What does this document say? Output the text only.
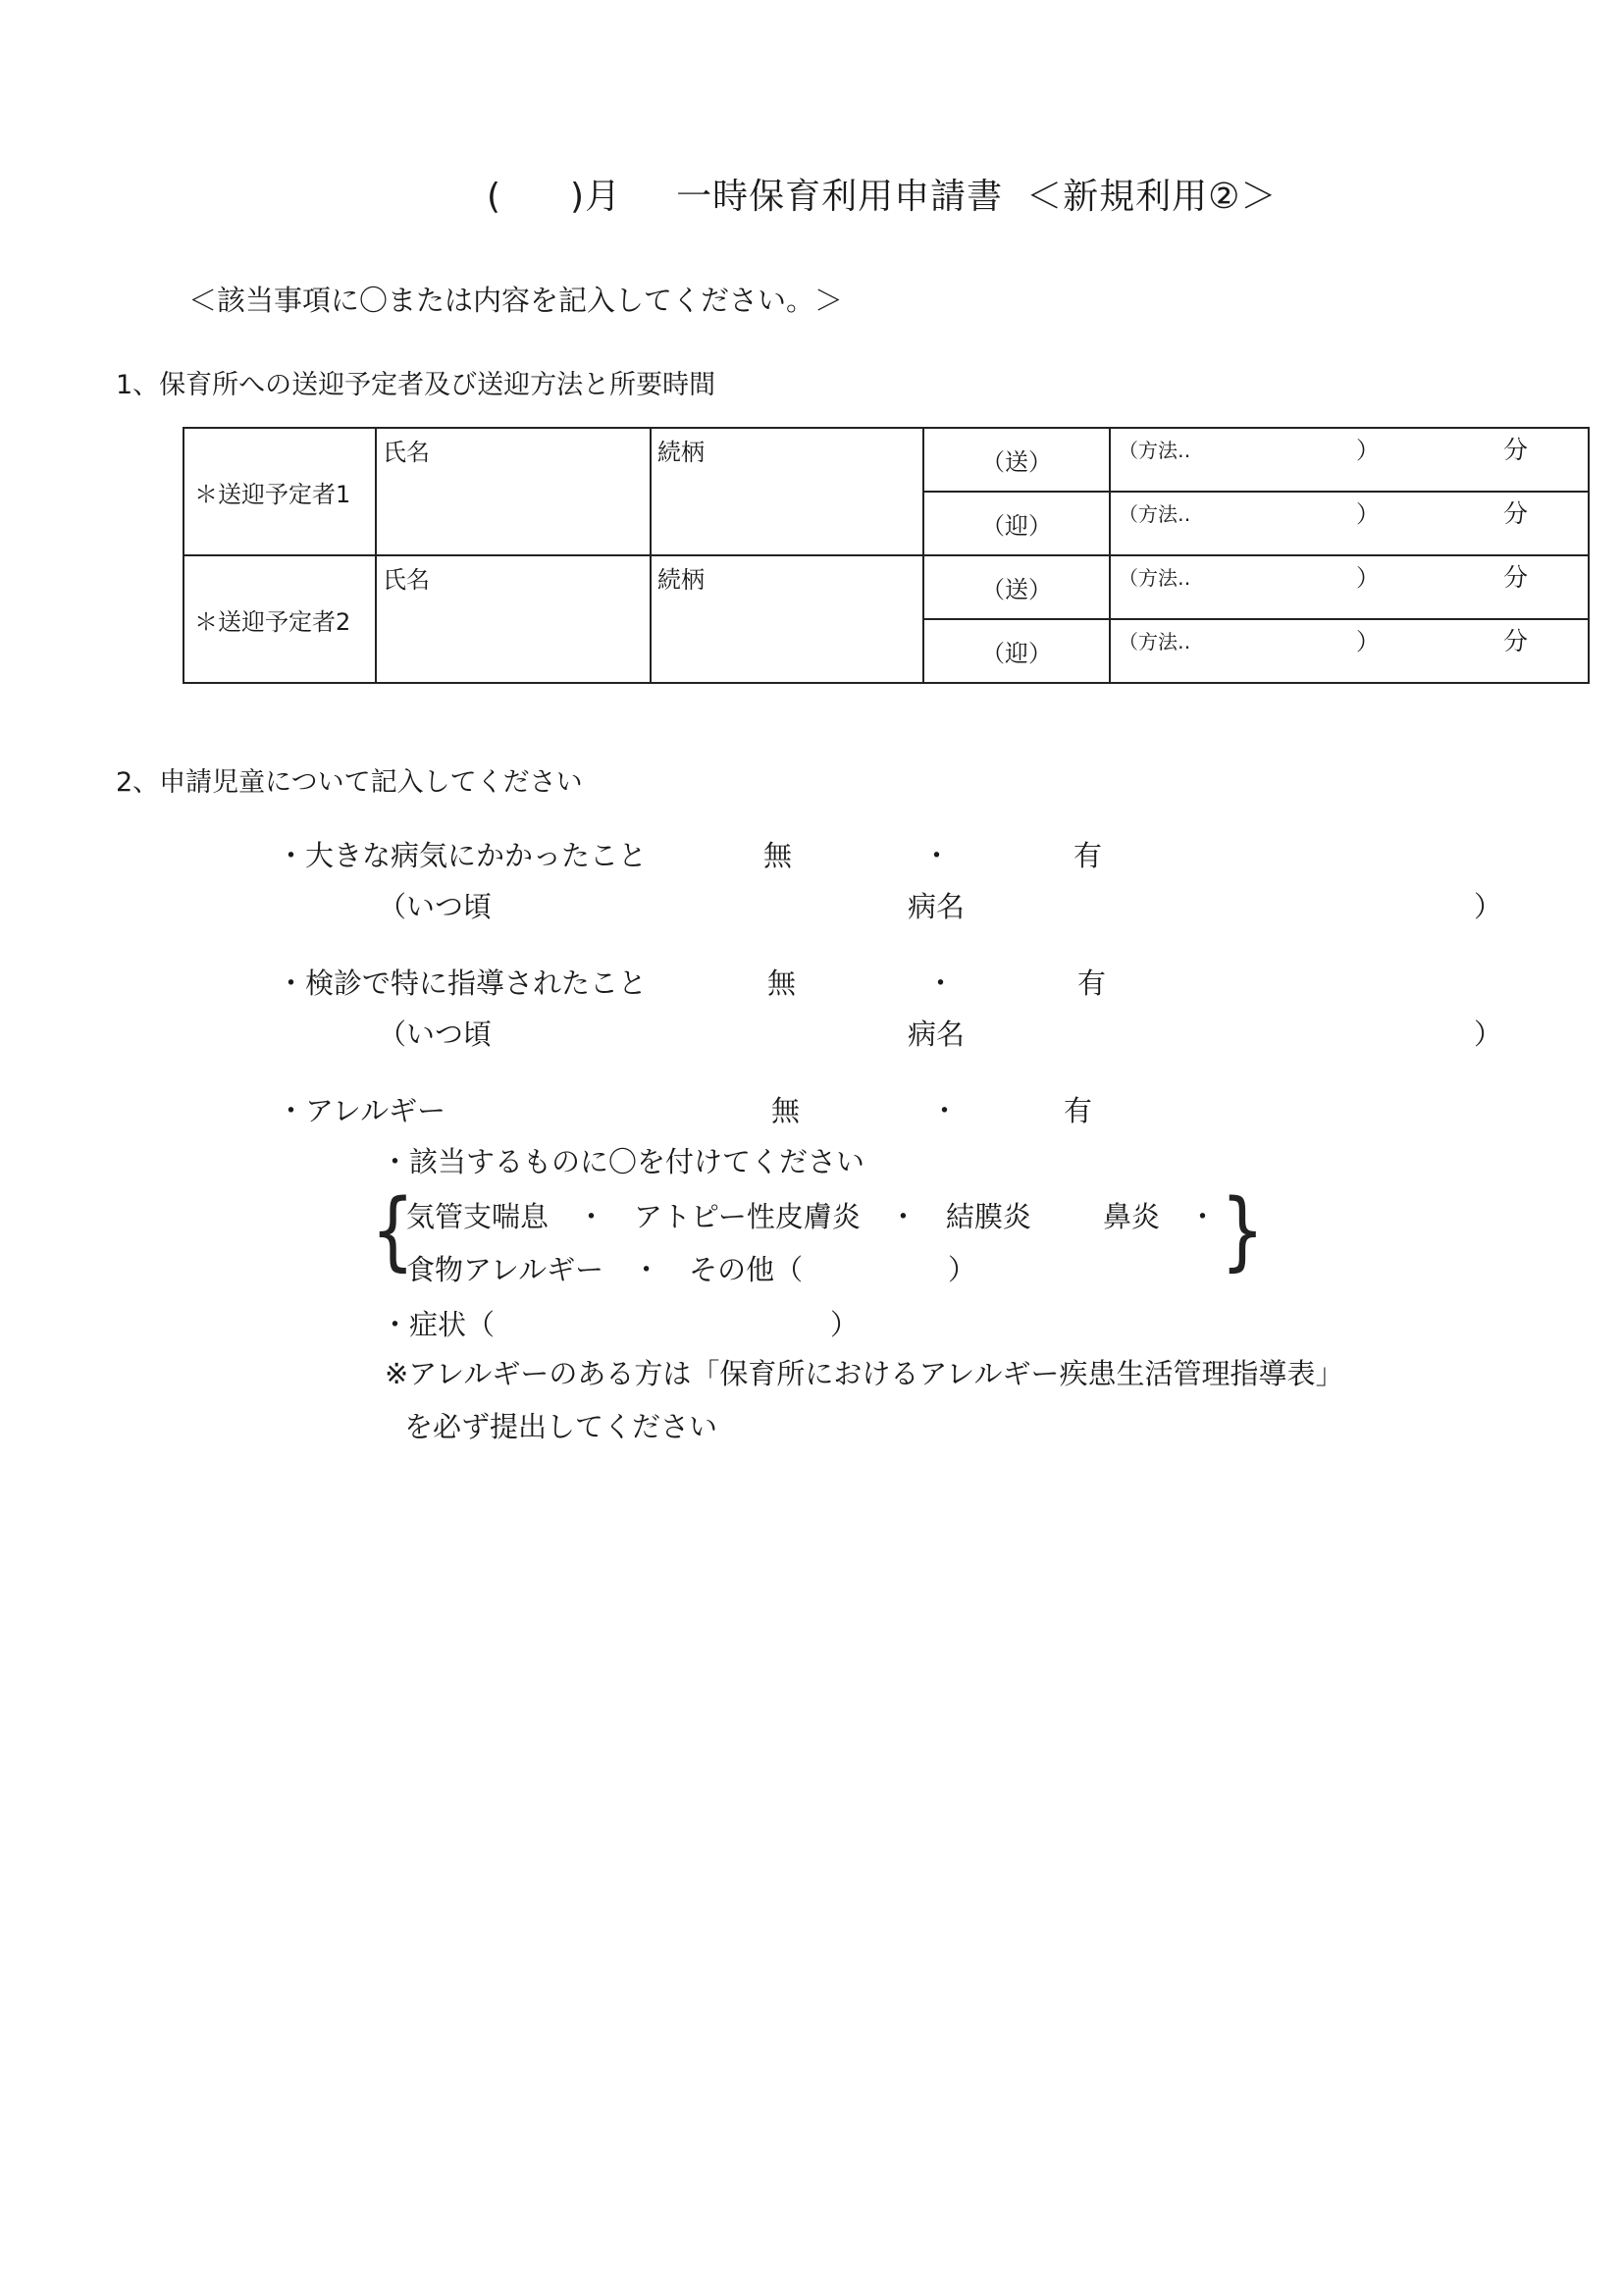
( )月 一時保育利用申請書 ＜新規利用②＞
＜該当事項に〇または内容を記入してください。＞
1、保育所への送迎予定者及び送迎方法と所要時間
＊送迎予定者1	氏名	続柄	（送）	（方法‥ ） 分

			（迎）	（方法‥ ） 分

＊送迎予定者2	氏名	続柄	（送）	（方法‥ ） 分

			（迎）	（方法‥ ） 分
2、申請児童について記入してください
・大きな病気にかかったこと	無	・	有
（いつ頃	病名	）
・検診で特に指導されたこと	無	・	有
（いつ頃	病名	）
・アレルギー	無	・	有
・該当するものに〇を付けてください
{	}
気管支喘息　・　アトピー性皮膚炎　・　結膜炎	鼻炎　・
食物アレルギー　・　その他（	）
・症状（	）
※アレルギーのある方は「保育所におけるアレルギー疾患生活管理指導表」
を必ず提出してください
